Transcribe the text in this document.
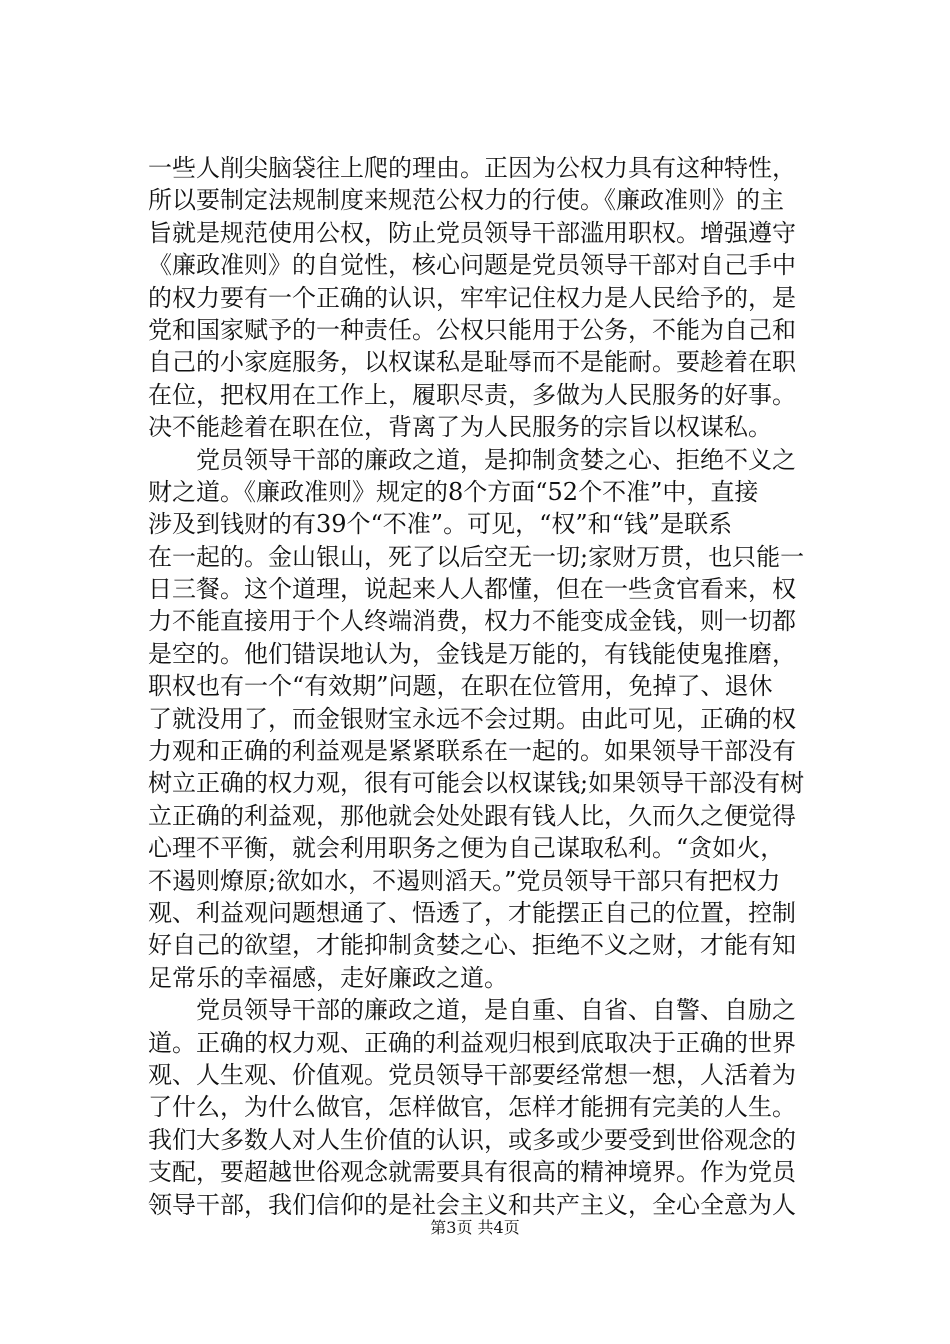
一些人削尖脑袋往上爬的理由。正因为公权力具有这种特性，
所以要制定法规制度来规范公权力的行使。《廉政准则》的主
旨就是规范使用公权，防止党员领导干部滥用职权。增强遵守
《廉政准则》的自觉性，核心问题是党员领导干部对自己手中
的权力要有一个正确的认识，牢牢记住权力是人民给予的，是
党和国家赋予的一种责任。公权只能用于公务，不能为自己和
自己的小家庭服务，以权谋私是耻辱而不是能耐。要趁着在职
在位，把权用在工作上，履职尽责，多做为人民服务的好事。
决不能趁着在职在位，背离了为人民服务的宗旨以权谋私。
　　党员领导干部的廉政之道，是抑制贪婪之心、拒绝不义之
财之道。《廉政准则》规定的8个方面“52个不准”中，直接
涉及到钱财的有39个“不准”。可见，“权”和“钱”是联系
在一起的。金山银山，死了以后空无一切;家财万贯，也只能一
日三餐。这个道理，说起来人人都懂，但在一些贪官看来，权
力不能直接用于个人终端消费，权力不能变成金钱，则一切都
是空的。他们错误地认为，金钱是万能的，有钱能使鬼推磨，
职权也有一个“有效期”问题，在职在位管用，免掉了、退休
了就没用了，而金银财宝永远不会过期。由此可见，正确的权
力观和正确的利益观是紧紧联系在一起的。如果领导干部没有
树立正确的权力观，很有可能会以权谋钱;如果领导干部没有树
立正确的利益观，那他就会处处跟有钱人比，久而久之便觉得
心理不平衡，就会利用职务之便为自己谋取私利。“贪如火，
不遏则燎原;欲如水，不遏则滔天。”党员领导干部只有把权力
观、利益观问题想通了、悟透了，才能摆正自己的位置，控制
好自己的欲望，才能抑制贪婪之心、拒绝不义之财，才能有知
足常乐的幸福感，走好廉政之道。
　　党员领导干部的廉政之道，是自重、自省、自警、自励之
道。正确的权力观、正确的利益观归根到底取决于正确的世界
观、人生观、价值观。党员领导干部要经常想一想，人活着为
了什么，为什么做官，怎样做官，怎样才能拥有完美的人生。
我们大多数人对人生价值的认识，或多或少要受到世俗观念的
支配，要超越世俗观念就需要具有很高的精神境界。作为党员
领导干部，我们信仰的是社会主义和共产主义，全心全意为人
第3页 共4页
